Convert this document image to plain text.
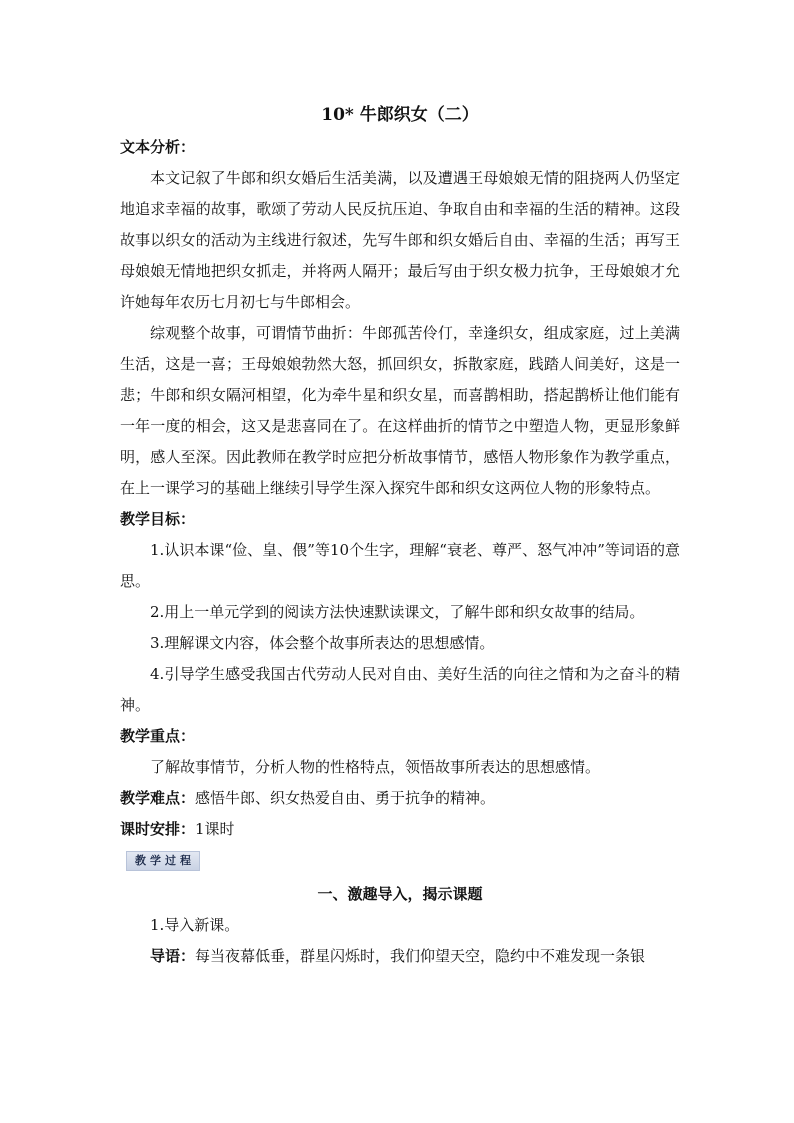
10* 牛郎织女（二）

文本分析：

本文记叙了牛郎和织女婚后生活美满，以及遭遇王母娘娘无情的阻挠两人仍坚定地追求幸福的故事，歌颂了劳动人民反抗压迫、争取自由和幸福的生活的精神。这段故事以织女的活动为主线进行叙述，先写牛郎和织女婚后自由、幸福的生活；再写王母娘娘无情地把织女抓走，并将两人隔开；最后写由于织女极力抗争，王母娘娘才允许她每年农历七月初七与牛郎相会。

综观整个故事，可谓情节曲折：牛郎孤苦伶仃，幸逢织女，组成家庭，过上美满生活，这是一喜；王母娘娘勃然大怒，抓回织女，拆散家庭，践踏人间美好，这是一悲；牛郎和织女隔河相望，化为牵牛星和织女星，而喜鹊相助，搭起鹊桥让他们能有一年一度的相会，这又是悲喜同在了。在这样曲折的情节之中塑造人物，更显形象鲜明，感人至深。因此教师在教学时应把分析故事情节，感悟人物形象作为教学重点，在上一课学习的基础上继续引导学生深入探究牛郎和织女这两位人物的形象特点。

教学目标：

1.认识本课“俭、皇、偎”等10个生字，理解“衰老、尊严、怒气冲冲”等词语的意思。

2.用上一单元学到的阅读方法快速默读课文，了解牛郎和织女故事的结局。

3.理解课文内容，体会整个故事所表达的思想感情。

4.引导学生感受我国古代劳动人民对自由、美好生活的向往之情和为之奋斗的精神。

教学重点：

了解故事情节，分析人物的性格特点，领悟故事所表达的思想感情。

教学难点：感悟牛郎、织女热爱自由、勇于抗争的精神。

课时安排：1课时

教学过程

一、激趣导入，揭示课题

1.导入新课。

导语：每当夜幕低垂，群星闪烁时，我们仰望天空，隐约中不难发现一条银
